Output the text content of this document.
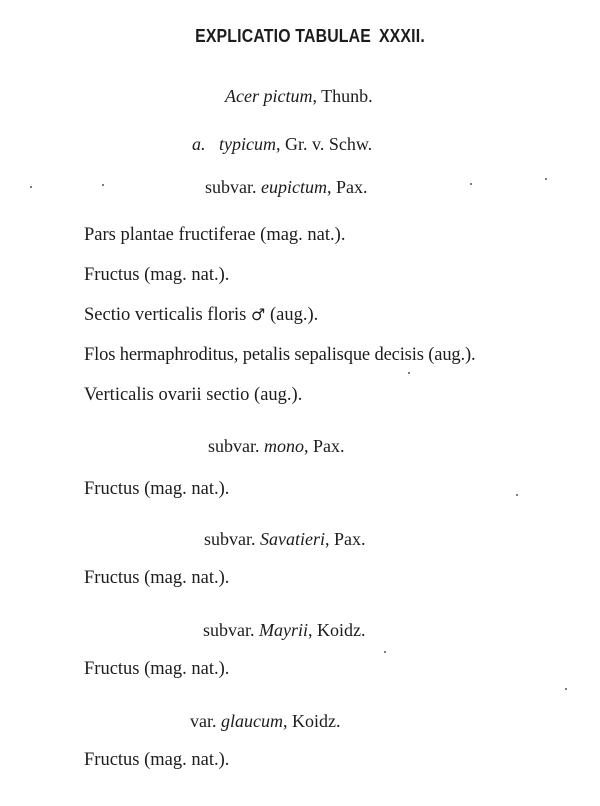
EXPLICATIO TABULAE XXXII.
Acer pictum, Thunb.
a. typicum, Gr. v. Schw.
subvar. eupictum, Pax.
Pars plantae fructiferae (mag. nat.).
Fructus (mag. nat.).
Sectio verticalis floris ♂︎ (aug.).
Flos hermaphroditus, petalis sepalisque decisis (aug.).
Verticalis ovarii sectio (aug.).
subvar. mono, Pax.
Fructus (mag. nat.).
subvar. Savatieri, Pax.
Fructus (mag. nat.).
subvar. Mayrii, Koidz.
Fructus (mag. nat.).
var. glaucum, Koidz.
Fructus (mag. nat.).
